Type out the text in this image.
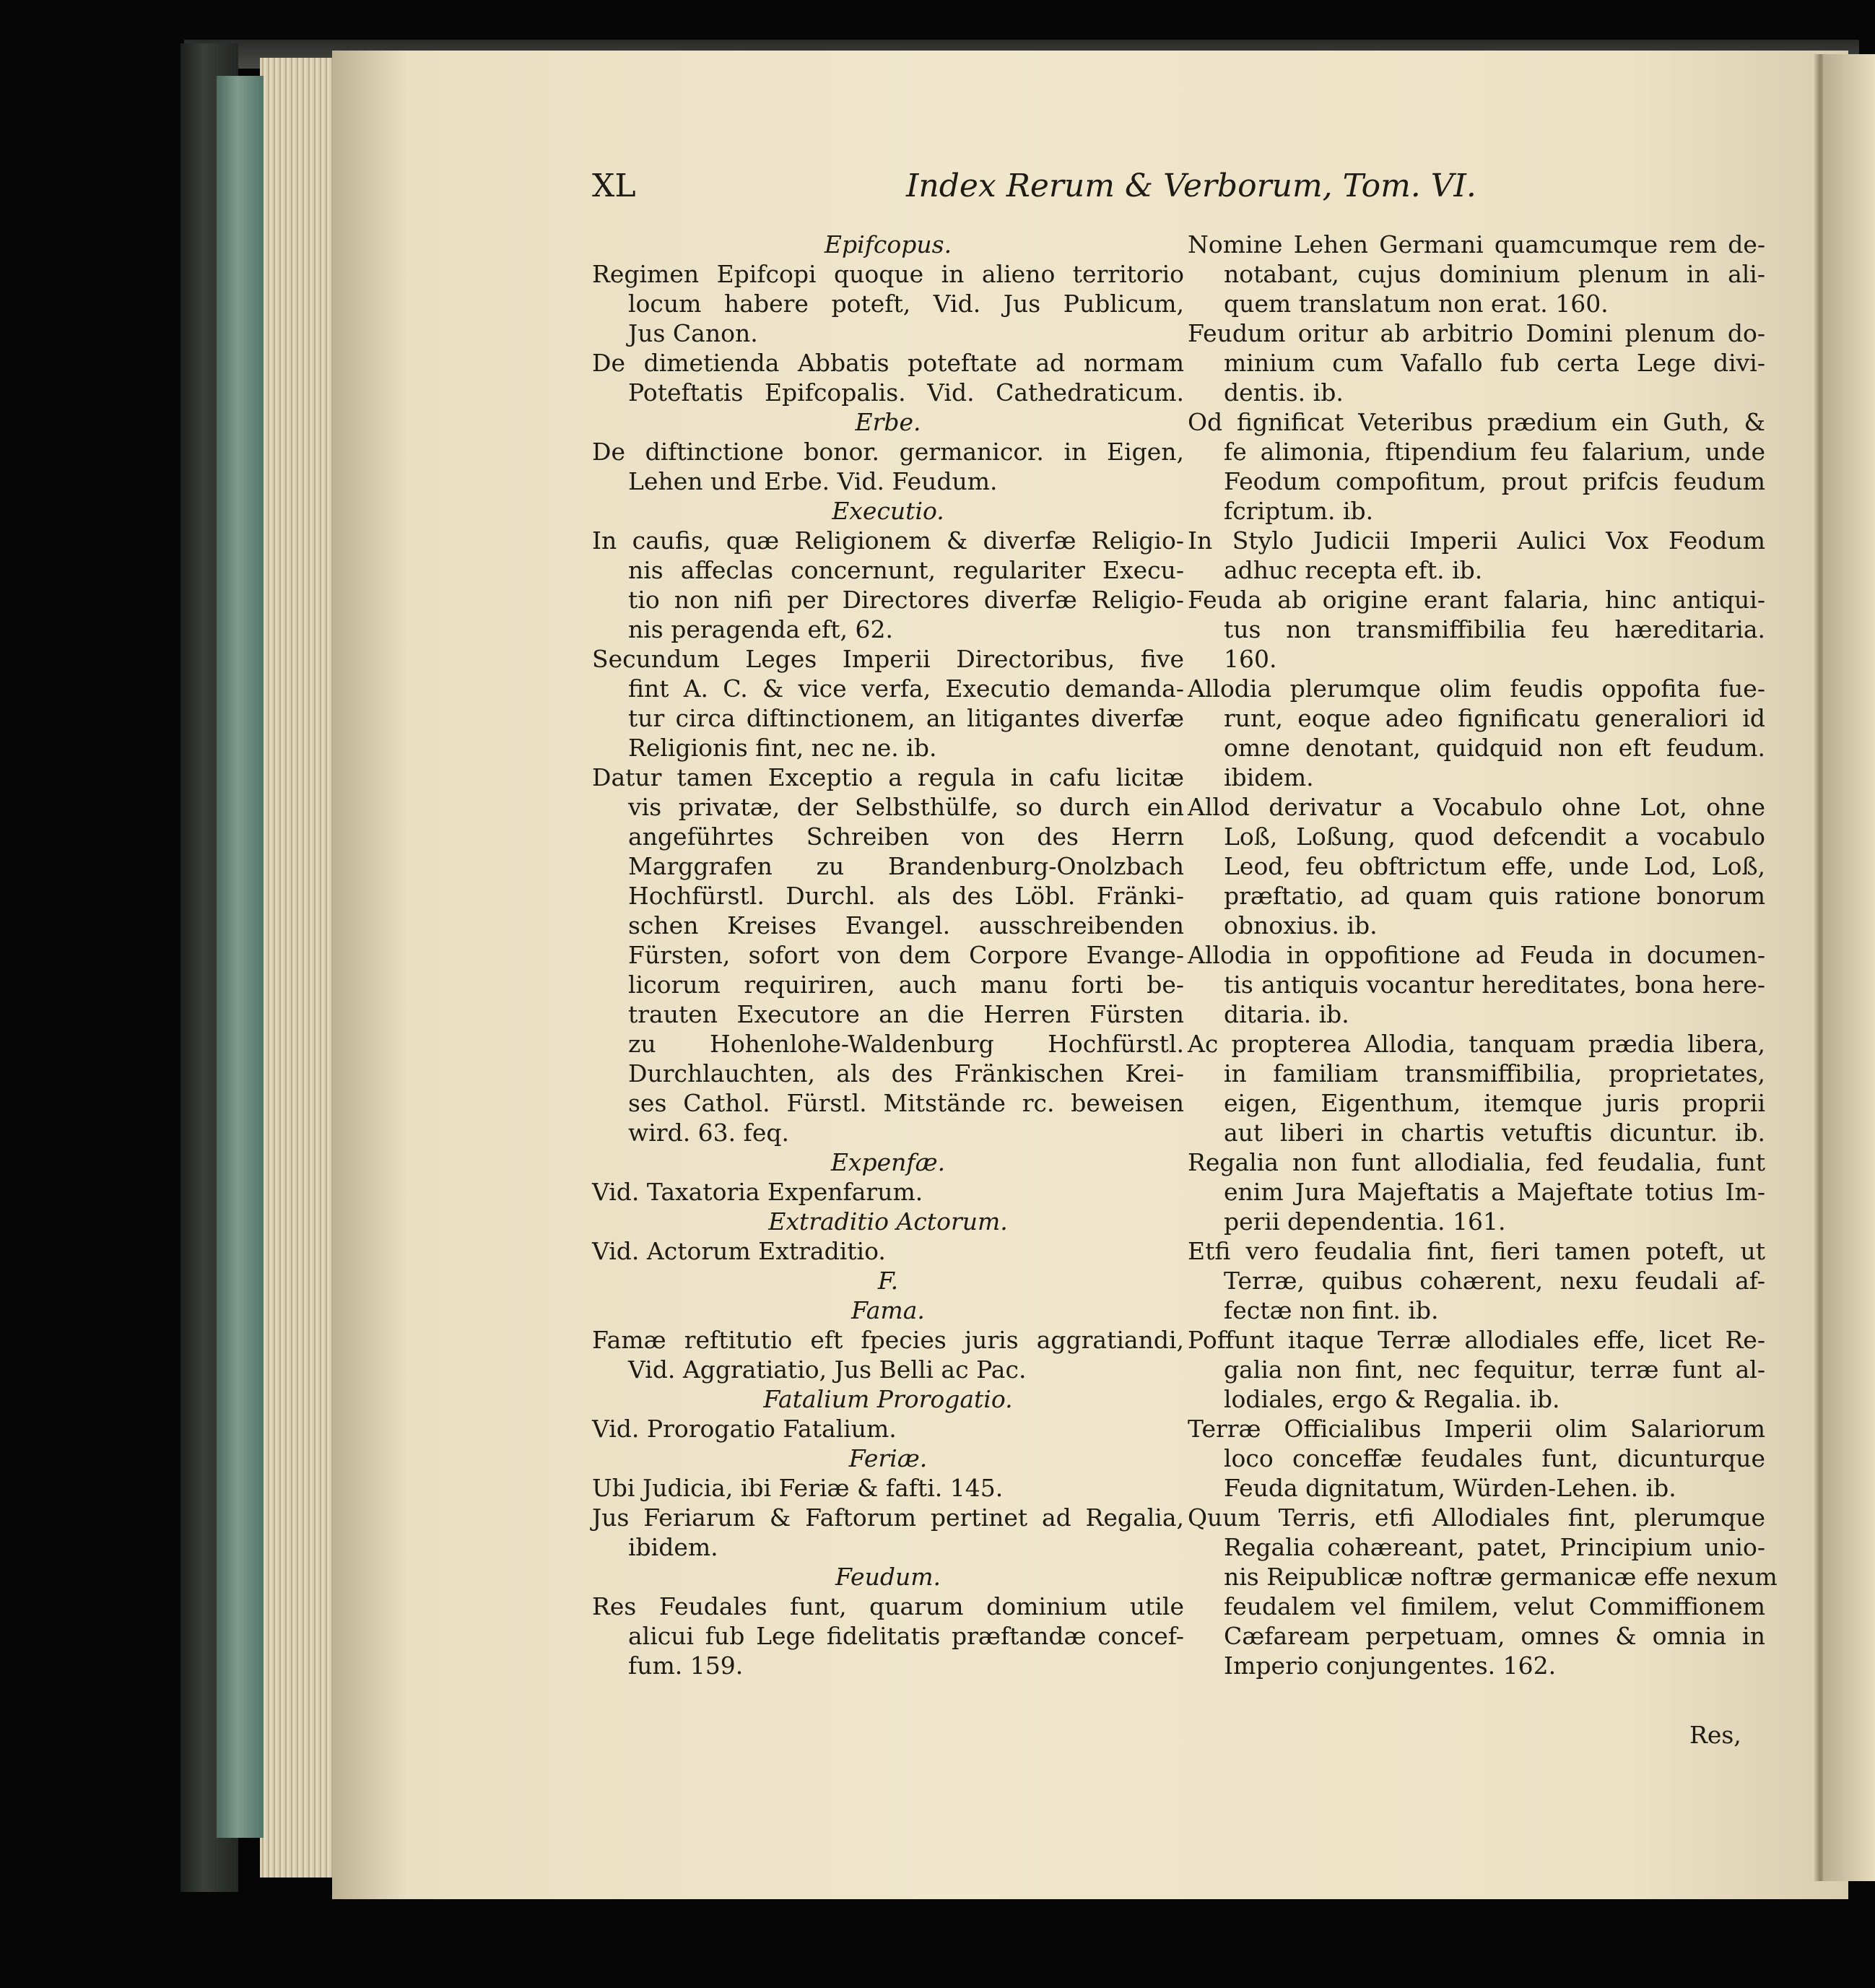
XL	Index Rerum & Verborum, Tom. VI.
Epifcopus.
Regimen Epifcopi quoque in alieno territorio
locum habere poteft, Vid. Jus Publicum,
Jus Canon.
De dimetienda Abbatis poteftate ad normam
Poteftatis Epifcopalis. Vid. Cathedraticum.
Erbe.
De diftinctione bonor. germanicor. in Eigen,
Lehen und Erbe. Vid. Feudum.
Executio.
In caufis, quæ Religionem & diverfæ Religio-
nis affeclas concernunt, regulariter Execu-
tio non nifi per Directores diverfæ Religio-
nis peragenda eft, 62.
Secundum Leges Imperii Directoribus, five
fint A. C. & vice verfa, Executio demanda-
tur circa diftinctionem, an litigantes diverfæ
Religionis fint, nec ne. ib.
Datur tamen Exceptio a regula in cafu licitæ
vis privatæ, der Selbsthülfe, so durch ein
angeführtes Schreiben von des Herrn
Marggrafen zu Brandenburg-Onolzbach
Hochfürstl. Durchl. als des Löbl. Fränki-
schen Kreises Evangel. ausschreibenden
Fürsten, sofort von dem Corpore Evange-
licorum requiriren, auch manu forti be-
trauten Executore an die Herren Fürsten
zu Hohenlohe-Waldenburg Hochfürstl.
Durchlauchten, als des Fränkischen Krei-
ses Cathol. Fürstl. Mitstände rc. beweisen
wird. 63. feq.
Expenfæ.
Vid. Taxatoria Expenfarum.
Extraditio Actorum.
Vid. Actorum Extraditio.
F.
Fama.
Famæ reftitutio eft fpecies juris aggratiandi,
Vid. Aggratiatio, Jus Belli ac Pac.
Fatalium Prorogatio.
Vid. Prorogatio Fatalium.
Feriæ.
Ubi Judicia, ibi Feriæ & fafti. 145.
Jus Feriarum & Faftorum pertinet ad Regalia,
ibidem.
Feudum.
Res Feudales funt, quarum dominium utile
alicui fub Lege fidelitatis præftandæ concef-
fum. 159.
Nomine Lehen Germani quamcumque rem de-
notabant, cujus dominium plenum in ali-
quem translatum non erat. 160.
Feudum oritur ab arbitrio Domini plenum do-
minium cum Vafallo fub certa Lege divi-
dentis. ib.
Od fignificat Veteribus prædium ein Guth, &
fe alimonia, ftipendium feu falarium, unde
Feodum compofitum, prout prifcis feudum
fcriptum. ib.
In Stylo Judicii Imperii Aulici Vox Feodum
adhuc recepta eft. ib.
Feuda ab origine erant falaria, hinc antiqui-
tus non transmiffibilia feu hæreditaria.
160.
Allodia plerumque olim feudis oppofita fue-
runt, eoque adeo fignificatu generaliori id
omne denotant, quidquid non eft feudum.
ibidem.
Allod derivatur a Vocabulo ohne Lot, ohne
Loß, Loßung, quod defcendit a vocabulo
Leod, feu obftrictum effe, unde Lod, Loß,
præftatio, ad quam quis ratione bonorum
obnoxius. ib.
Allodia in oppofitione ad Feuda in documen-
tis antiquis vocantur hereditates, bona here-
ditaria. ib.
Ac propterea Allodia, tanquam prædia libera,
in familiam transmiffibilia, proprietates,
eigen, Eigenthum, itemque juris proprii
aut liberi in chartis vetuftis dicuntur. ib.
Regalia non funt allodialia, fed feudalia, funt
enim Jura Majeftatis a Majeftate totius Im-
perii dependentia. 161.
Etfi vero feudalia fint, fieri tamen poteft, ut
Terræ, quibus cohærent, nexu feudali af-
fectæ non fint. ib.
Poffunt itaque Terræ allodiales effe, licet Re-
galia non fint, nec fequitur, terræ funt al-
lodiales, ergo & Regalia. ib.
Terræ Officialibus Imperii olim Salariorum
loco conceffæ feudales funt, dicunturque
Feuda dignitatum, Würden-Lehen. ib.
Quum Terris, etfi Allodiales fint, plerumque
Regalia cohæreant, patet, Principium unio-
nis Reipublicæ noftræ germanicæ effe nexum
feudalem vel fimilem, velut Commiffionem
Cæfaream perpetuam, omnes & omnia in
Imperio conjungentes. 162.
Res,
